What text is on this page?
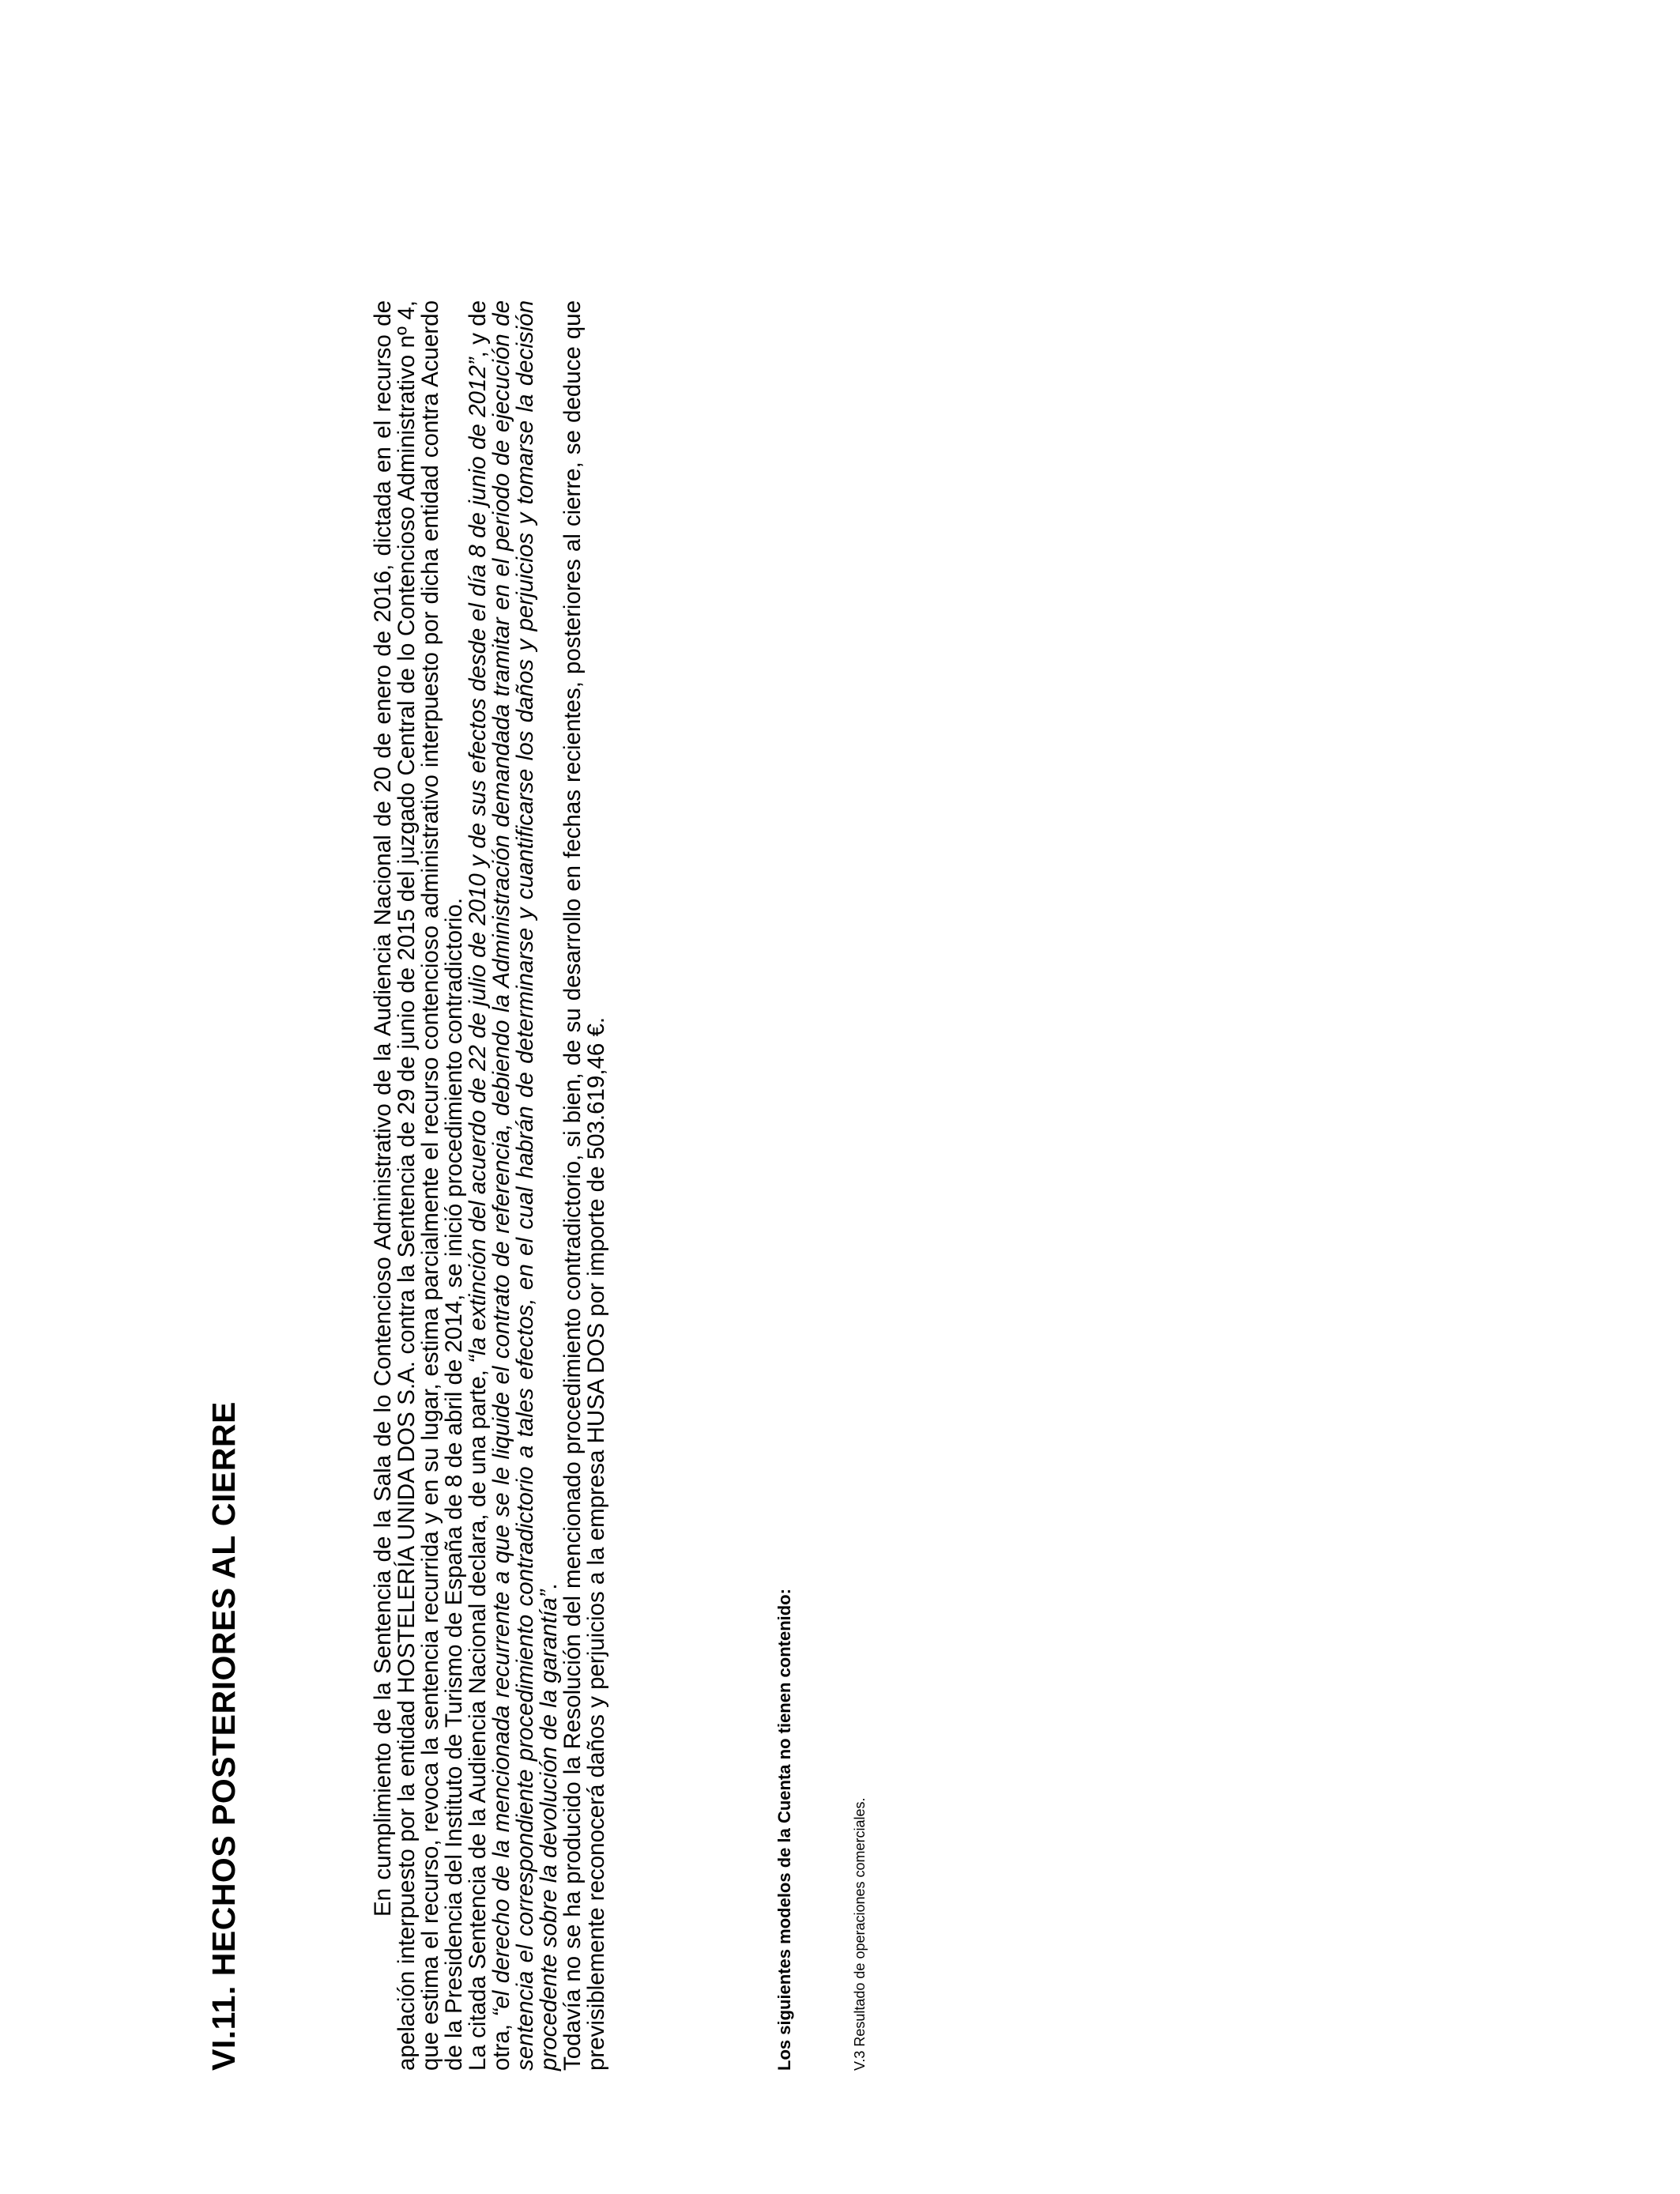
VI.11. HECHOS POSTERIORES AL CIERRE	En cumplimiento de la Sentencia de la Sala de lo Contencioso Administrativo de la Audiencia Nacional de 20 de enero de 2016, dictada en el recurso de apelación interpuesto por la entidad HOSTELERÍA UNIDA DOS S.A. contra la Sentencia de 29 de junio de 2015 del juzgado Central de lo Contencioso Administrativo nº 4, que estima el recurso, revoca la sentencia recurrida y en su lugar, estima parcialmente el recurso contencioso administrativo interpuesto por dicha entidad contra Acuerdo de la Presidencia del Instituto de Turismo de España de 8 de abril de 2014, se inició procedimiento contradictorio.

La citada Sentencia de la Audiencia Nacional declara, de una parte, “la extinción del acuerdo de 22 de julio de 2010 y de sus efectos desde el día 8 de junio de 2012”, y de otra, “el derecho de la mencionada recurrente a que se le liquide el contrato de referencia, debiendo la Administración demandada tramitar en el periodo de ejecución de sentencia el correspondiente procedimiento contradictorio a tales efectos, en el cual habrán de determinarse y cuantificarse los daños y perjuicios y tomarse la decisión procedente sobre la devolución de la garantía”.

Todavía no se ha producido la Resolución del mencionado procedimiento contradictorio, si bien, de su desarrollo en fechas recientes, posteriores al cierre, se deduce que previsiblemente reconocerá daños y perjuicios a la empresa HUSA DOS por importe de 503.619,46 €.	Los siguientes modelos de la Cuenta no tienen contenido:	V.3 Resultado de operaciones comerciales.
